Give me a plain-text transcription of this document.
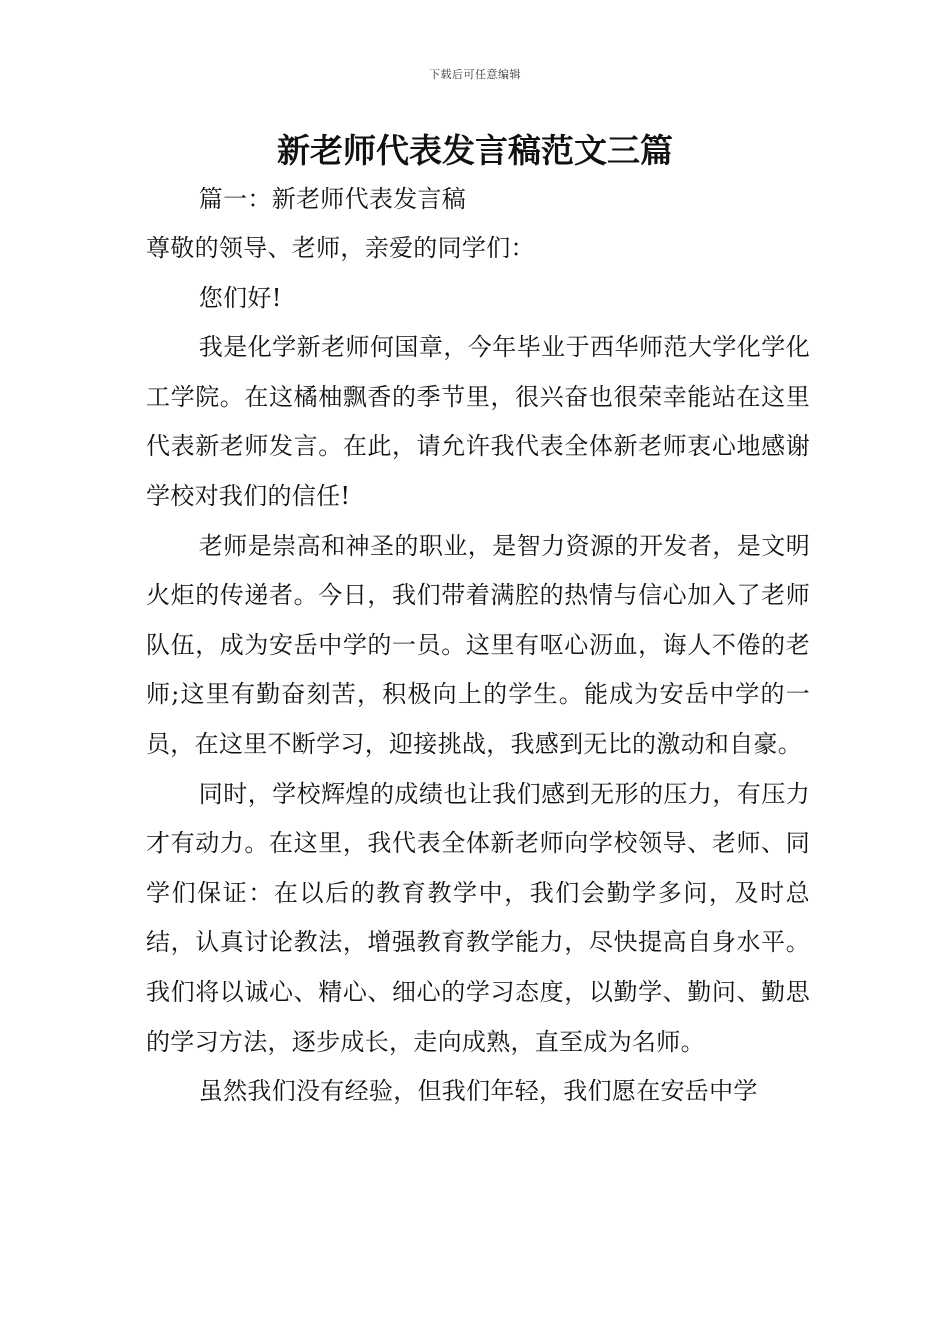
下载后可任意编辑
新老师代表发言稿范文三篇

篇一：新老师代表发言稿

尊敬的领导、老师，亲爱的同学们：

您们好!

我是化学新老师何国章，今年毕业于西华师范大学化学化工学院。在这橘柚飘香的季节里，很兴奋也很荣幸能站在这里代表新老师发言。在此，请允许我代表全体新老师衷心地感谢学校对我们的信任!

老师是崇高和神圣的职业，是智力资源的开发者，是文明火炬的传递者。今日，我们带着满腔的热情与信心加入了老师队伍，成为安岳中学的一员。这里有呕心沥血，诲人不倦的老师;这里有勤奋刻苦，积极向上的学生。能成为安岳中学的一员，在这里不断学习，迎接挑战，我感到无比的激动和自豪。

同时，学校辉煌的成绩也让我们感到无形的压力，有压力才有动力。在这里，我代表全体新老师向学校领导、老师、同学们保证：在以后的教育教学中，我们会勤学多问，及时总结，认真讨论教法，增强教育教学能力，尽快提高自身水平。我们将以诚心、精心、细心的学习态度，以勤学、勤问、勤思的学习方法，逐步成长，走向成熟，直至成为名师。

虽然我们没有经验，但我们年轻，我们愿在安岳中学
